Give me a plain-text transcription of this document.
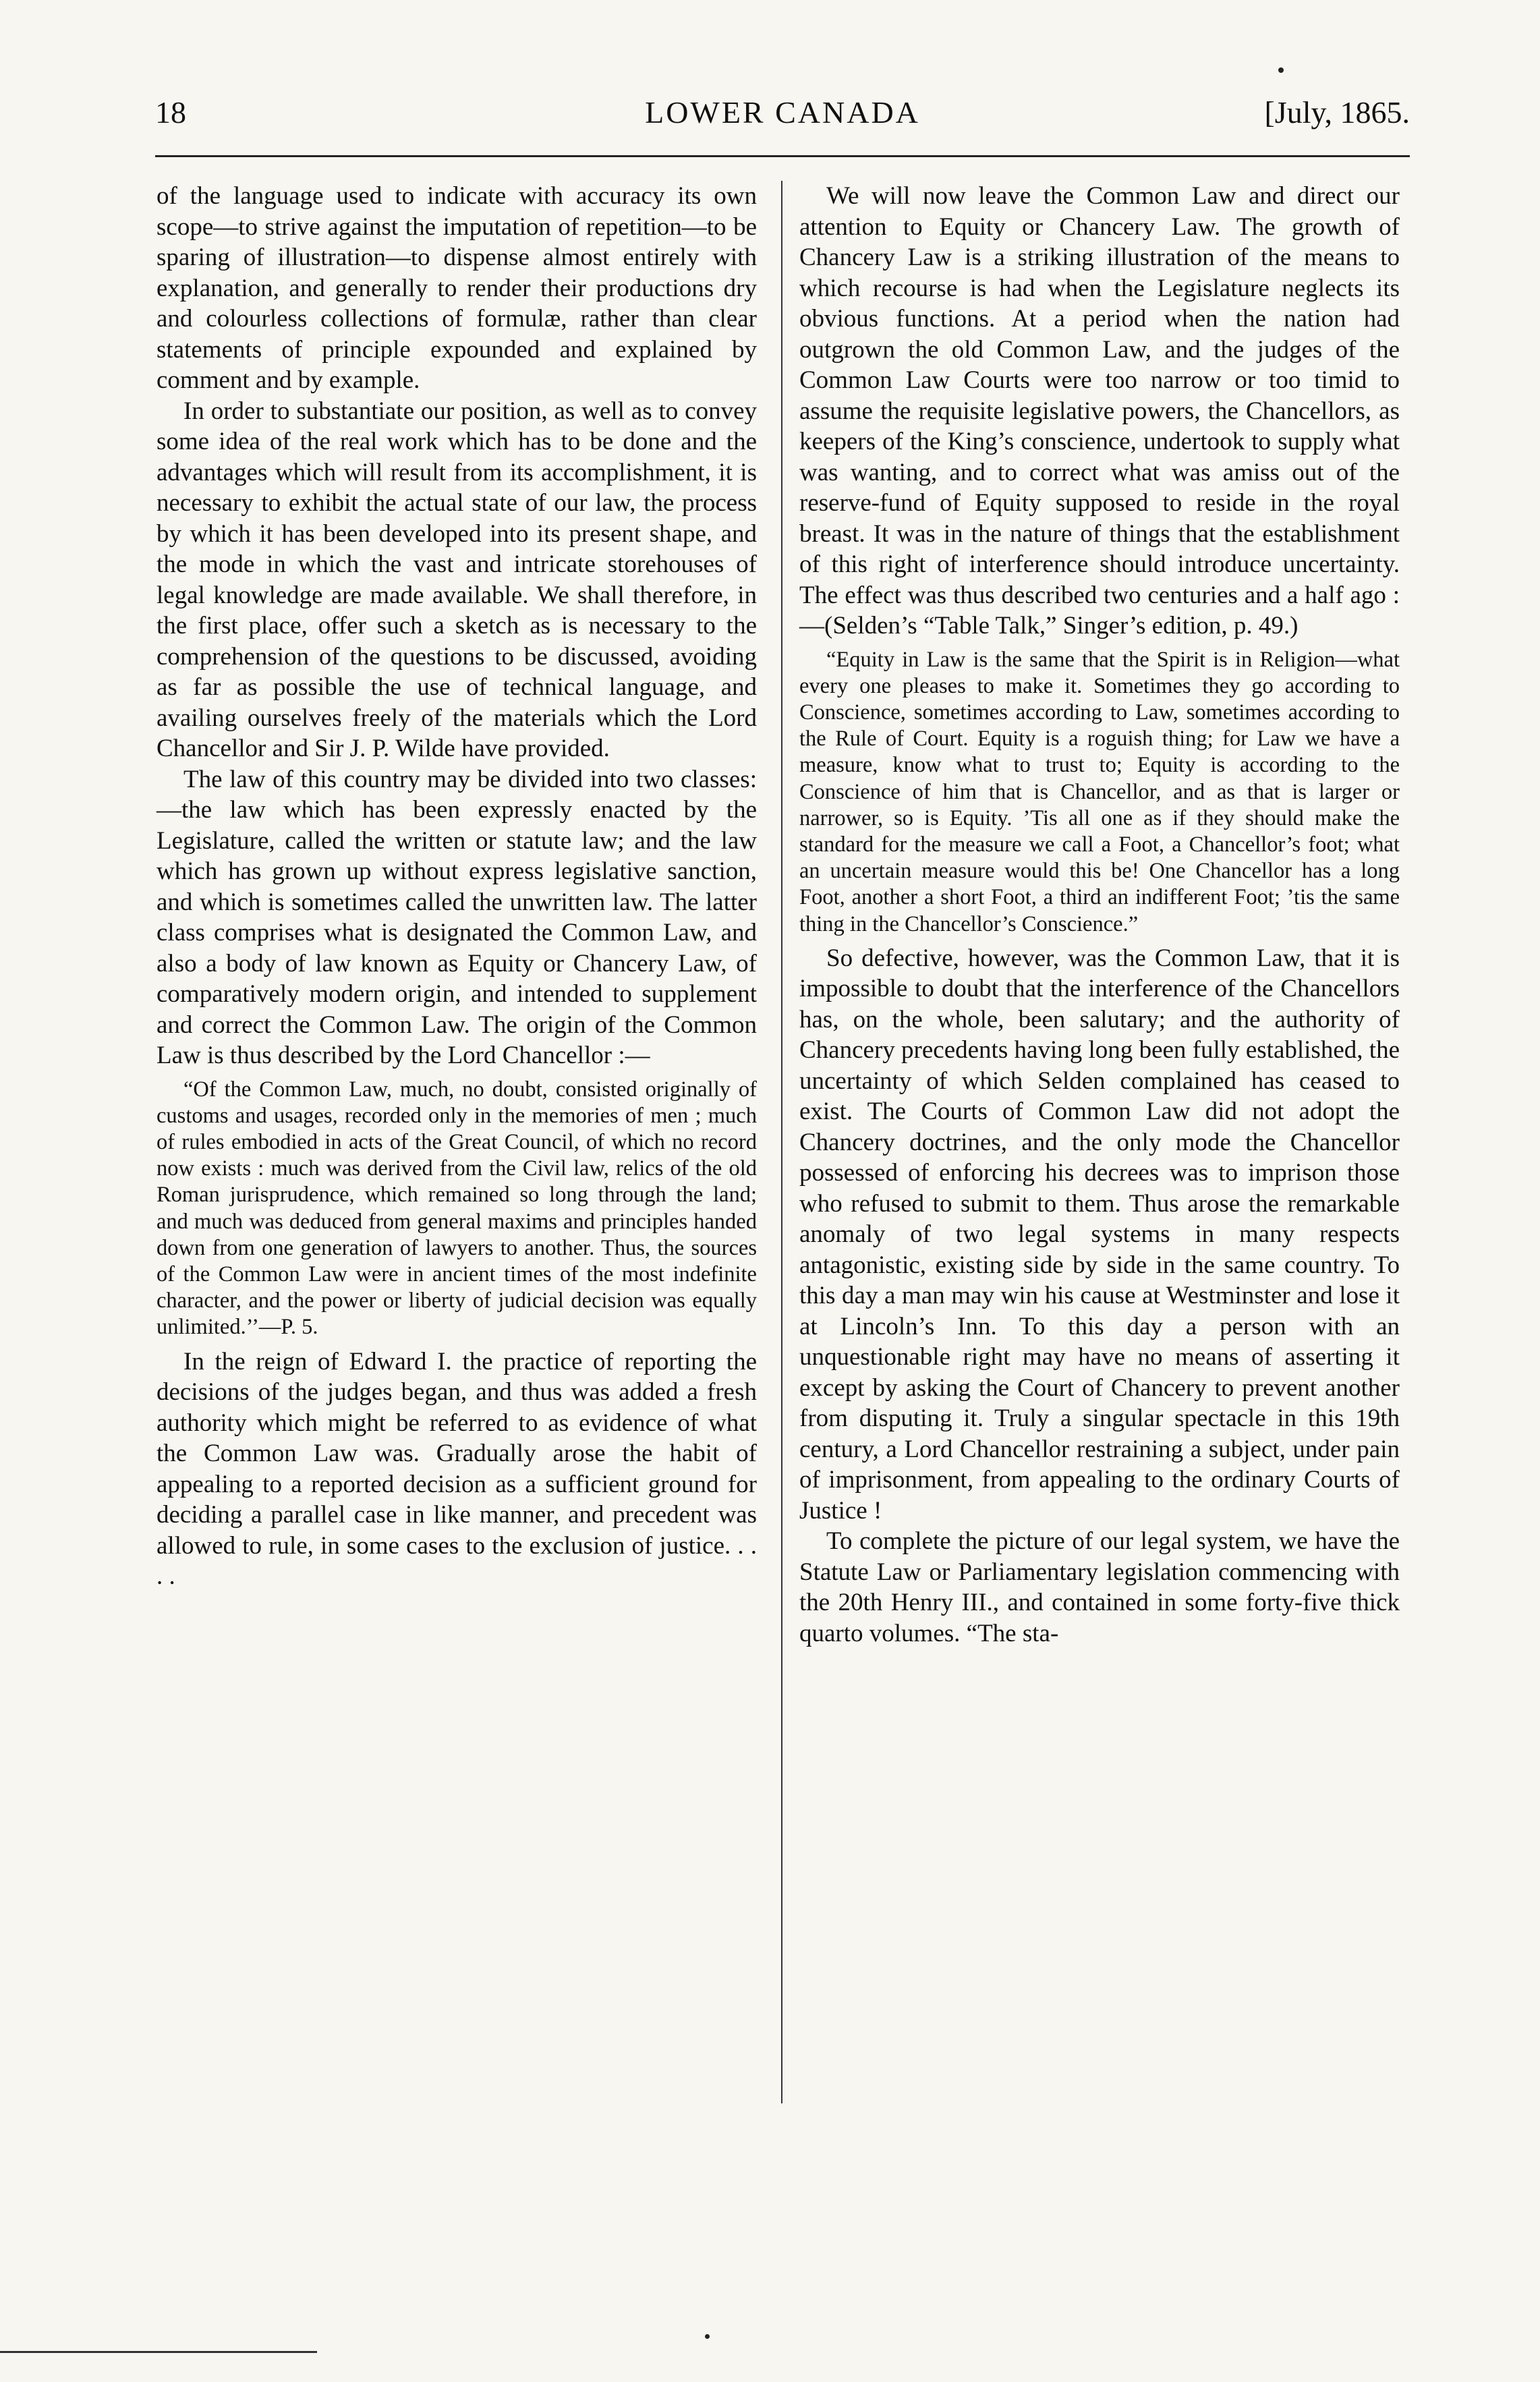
18	LOWER CANADA	[July, 1865.

of the language used to indicate with accuracy its own scope—to strive against the imputation of repetition—to be sparing of illustration—to dispense almost entirely with explanation, and generally to render their productions dry and colourless collections of formulæ, rather than clear statements of principle expounded and explained by comment and by example.

In order to substantiate our position, as well as to convey some idea of the real work which has to be done and the advantages which will result from its accomplishment, it is necessary to exhibit the actual state of our law, the process by which it has been developed into its present shape, and the mode in which the vast and intricate storehouses of legal knowledge are made available. We shall therefore, in the first place, offer such a sketch as is necessary to the comprehension of the questions to be discussed, avoiding as far as possible the use of technical language, and availing ourselves freely of the materials which the Lord Chancellor and Sir J. P. Wilde have provided.

The law of this country may be divided into two classes:—the law which has been expressly enacted by the Legislature, called the written or statute law; and the law which has grown up without express legislative sanction, and which is sometimes called the unwritten law. The latter class comprises what is designated the Common Law, and also a body of law known as Equity or Chancery Law, of comparatively modern origin, and intended to supplement and correct the Common Law. The origin of the Common Law is thus described by the Lord Chancellor :—

“Of the Common Law, much, no doubt, consisted originally of customs and usages, recorded only in the memories of men ; much of rules embodied in acts of the Great Council, of which no record now exists : much was derived from the Civil law, relics of the old Roman jurisprudence, which remained so long through the land; and much was deduced from general maxims and principles handed down from one generation of lawyers to another. Thus, the sources of the Common Law were in ancient times of the most indefinite character, and the power or liberty of judicial decision was equally unlimited.’’—P. 5.

In the reign of Edward I. the practice of reporting the decisions of the judges began, and thus was added a fresh authority which might be referred to as evidence of what the Common Law was. Gradually arose the habit of appealing to a reported decision as a sufficient ground for deciding a parallel case in like manner, and precedent was allowed to rule, in some cases to the exclusion of justice. . . . .

We will now leave the Common Law and direct our attention to Equity or Chancery Law. The growth of Chancery Law is a striking illustration of the means to which recourse is had when the Legislature neglects its obvious functions. At a period when the nation had outgrown the old Common Law, and the judges of the Common Law Courts were too narrow or too timid to assume the requisite legislative powers, the Chancellors, as keepers of the King’s conscience, undertook to supply what was wanting, and to correct what was amiss out of the reserve-fund of Equity supposed to reside in the royal breast. It was in the nature of things that the establishment of this right of interference should introduce uncertainty. The effect was thus described two centuries and a half ago :—(Selden’s “Table Talk,” Singer’s edition, p. 49.)

“Equity in Law is the same that the Spirit is in Religion—what every one pleases to make it. Sometimes they go according to Conscience, sometimes according to Law, sometimes according to the Rule of Court. Equity is a roguish thing; for Law we have a measure, know what to trust to; Equity is according to the Conscience of him that is Chancellor, and as that is larger or narrower, so is Equity. ’Tis all one as if they should make the standard for the measure we call a Foot, a Chancellor’s foot; what an uncertain measure would this be! One Chancellor has a long Foot, another a short Foot, a third an indifferent Foot; ’tis the same thing in the Chancellor’s Conscience.”

So defective, however, was the Common Law, that it is impossible to doubt that the interference of the Chancellors has, on the whole, been salutary; and the authority of Chancery precedents having long been fully established, the uncertainty of which Selden complained has ceased to exist. The Courts of Common Law did not adopt the Chancery doctrines, and the only mode the Chancellor possessed of enforcing his decrees was to imprison those who refused to submit to them. Thus arose the remarkable anomaly of two legal systems in many respects antagonistic, existing side by side in the same country. To this day a man may win his cause at Westminster and lose it at Lincoln’s Inn. To this day a person with an unquestionable right may have no means of asserting it except by asking the Court of Chancery to prevent another from disputing it. Truly a singular spectacle in this 19th century, a Lord Chancellor restraining a subject, under pain of imprisonment, from appealing to the ordinary Courts of Justice !

To complete the picture of our legal system, we have the Statute Law or Parliamentary legislation commencing with the 20th Henry III., and contained in some forty-five thick quarto volumes. “The sta-
